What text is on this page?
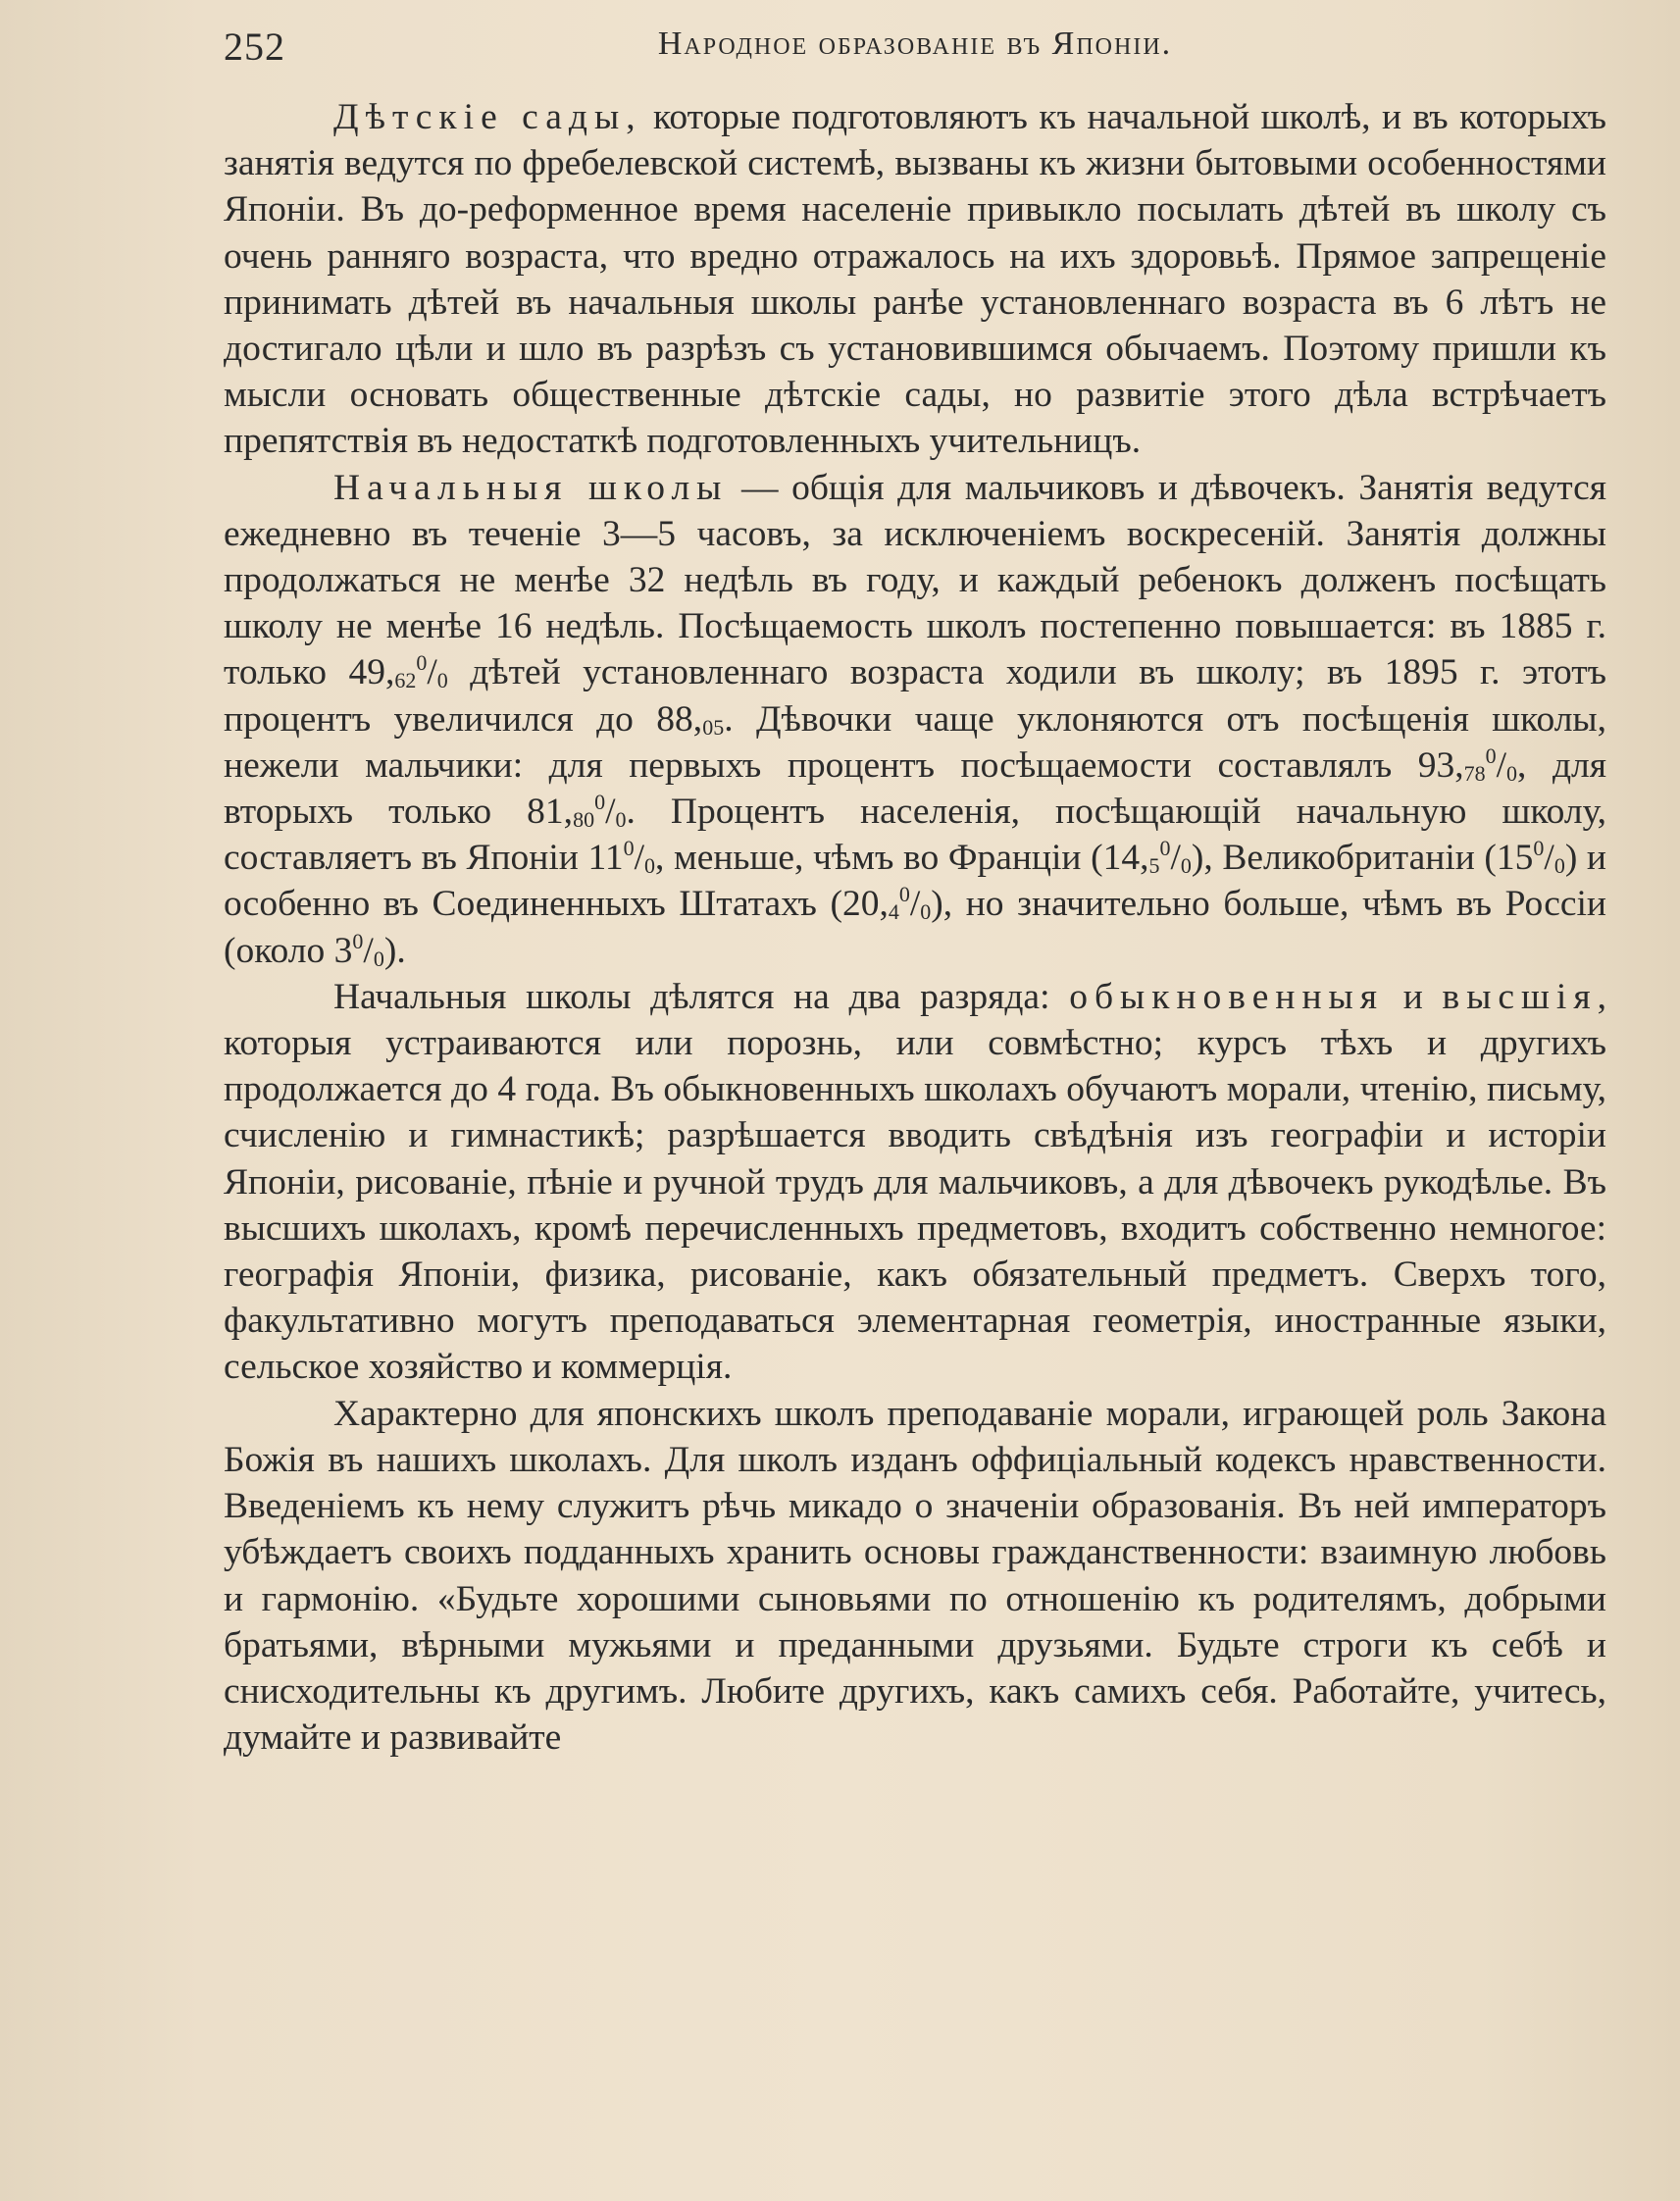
252	Народное образованіе въ Японіи.

Дѣтскіе сады, которые подготовляютъ къ начальной школѣ, и въ которыхъ занятія ведутся по фребелевской системѣ, вызваны къ жизни бытовыми особенностями Японіи. Въ до-реформенное время населеніе привыкло посылать дѣтей въ школу съ очень ранняго возраста, что вредно отражалось на ихъ здоровьѣ. Прямое запрещеніе принимать дѣтей въ начальныя школы ранѣе установленнаго возраста въ 6 лѣтъ не достигало цѣли и шло въ разрѣзъ съ установившимся обычаемъ. Поэтому пришли къ мысли основать общественные дѣтскіе сады, но развитіе этого дѣла встрѣчаетъ препятствія въ недостаткѣ подготовленныхъ учительницъ.

Начальныя школы — общія для мальчиковъ и дѣвочекъ. Занятія ведутся ежедневно въ теченіе 3—5 часовъ, за исключеніемъ воскресеній. Занятія должны продолжаться не менѣе 32 недѣль въ году, и каждый ребенокъ долженъ посѣщать школу не менѣе 16 недѣль. Посѣщаемость школъ постепенно повышается: въ 1885 г. только $49,_{62}^0/_0$ дѣтей установленнаго возраста ходили въ школу; въ 1895 г. этотъ процентъ увеличился до $88,_{05}$. Дѣвочки чаще уклоняются отъ посѣщенія школы, нежели мальчики: для первыхъ процентъ посѣщаемости составлялъ $93,_{78}^0/_0$, для вторыхъ только $81,_{80}^0/_0$. Процентъ населенія, посѣщающій начальную школу, составляетъ въ Японіи $11^0/_0$, меньше, чѣмъ во Франціи $(14,_5^0/_0)$, Великобританіи $(15^0/_0)$ и особенно въ Соединенныхъ Штатахъ $(20,_4^0/_0)$, но значительно больше, чѣмъ въ Россіи (около $3^0/_0$).

Начальныя школы дѣлятся на два разряда: обыкновенныя и высшія, которыя устраиваются или порознь, или совмѣстно; курсъ тѣхъ и другихъ продолжается до 4 года. Въ обыкновенныхъ школахъ обучаютъ морали, чтенію, письму, счисленію и гимнастикѣ; разрѣшается вводить свѣдѣнія изъ географіи и исторіи Японіи, рисованіе, пѣніе и ручной трудъ для мальчиковъ, а для дѣвочекъ рукодѣлье. Въ высшихъ школахъ, кромѣ перечисленныхъ предметовъ, входитъ собственно немногое: географія Японіи, физика, рисованіе, какъ обязательный предметъ. Сверхъ того, факультативно могутъ преподаваться элементарная геометрія, иностранные языки, сельское хозяйство и коммерція.

Характерно для японскихъ школъ преподаваніе морали, играющей роль Закона Божія въ нашихъ школахъ. Для школъ изданъ оффиціальный кодексъ нравственности. Введеніемъ къ нему служитъ рѣчь микадо о значеніи образованія. Въ ней императоръ убѣждаетъ своихъ подданныхъ хранить основы гражданственности: взаимную любовь и гармонію. «Будьте хорошими сыновьями по отношенію къ родителямъ, добрыми братьями, вѣрными мужьями и преданными друзьями. Будьте строги къ себѣ и снисходительны къ другимъ. Любите другихъ, какъ самихъ себя. Работайте, учитесь, думайте и развивайте
